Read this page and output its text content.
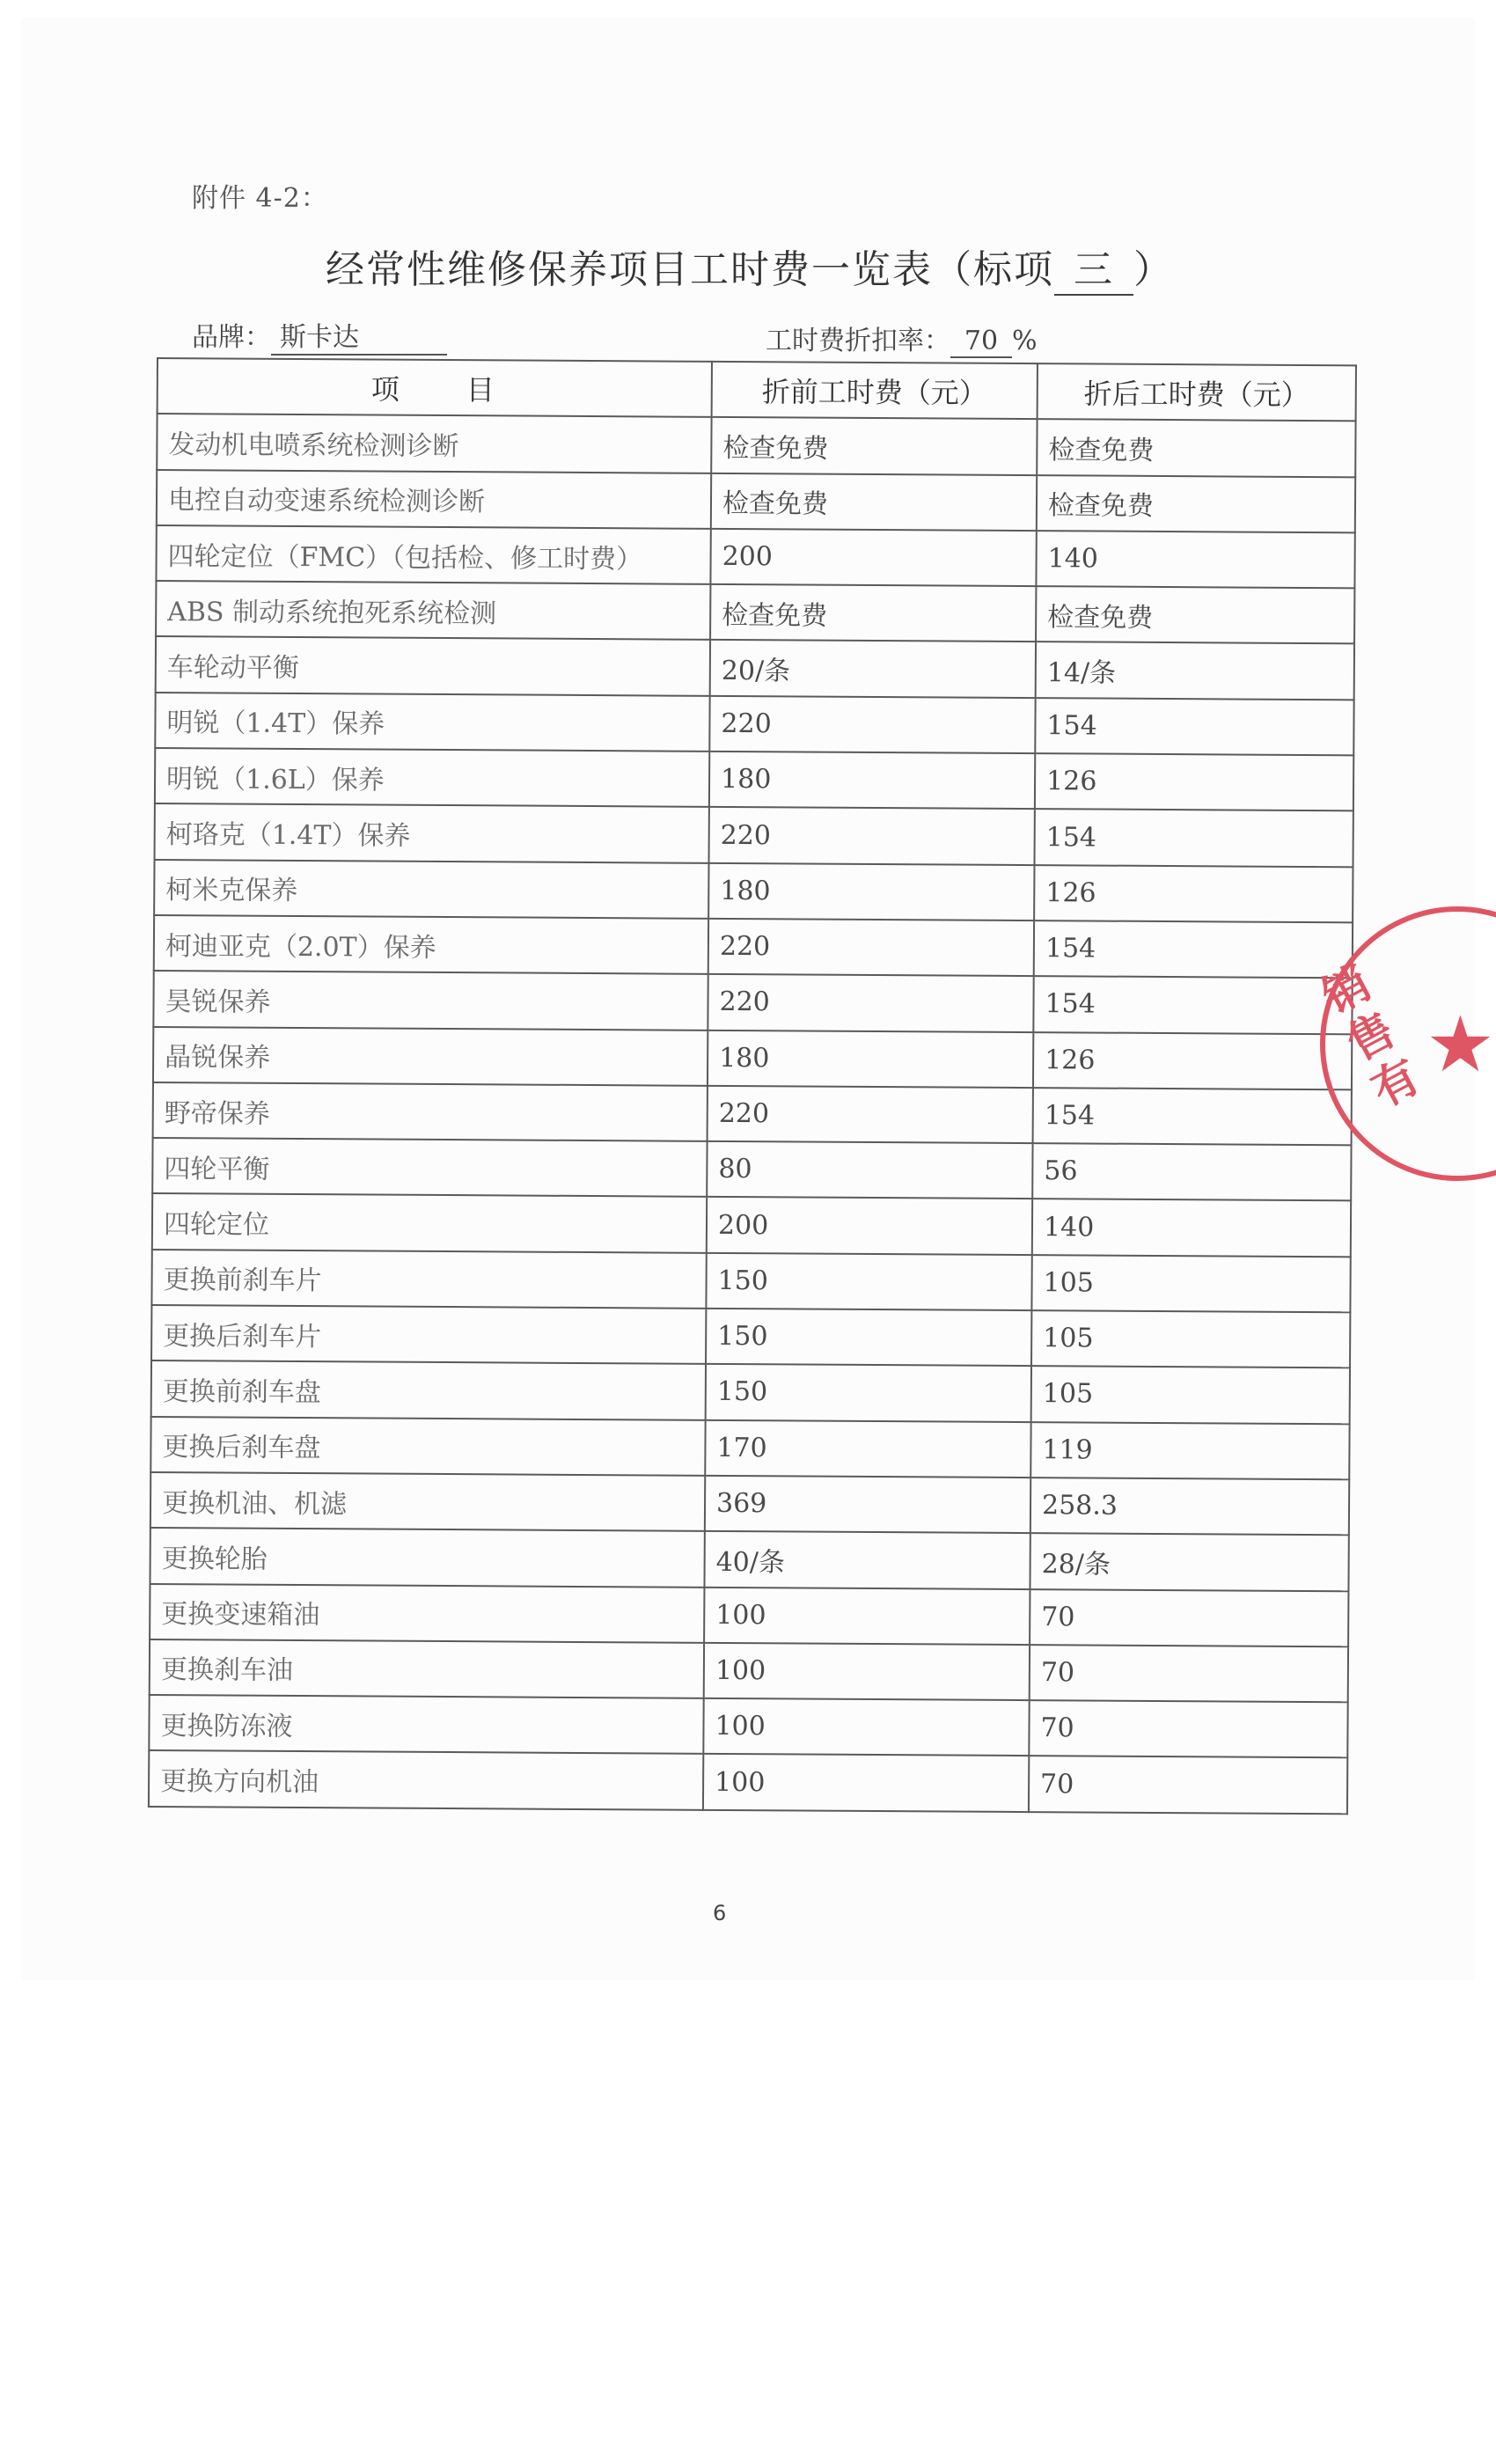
附件 4-2：
经常性维修保养项目工时费一览表（标项 三 ）
品牌： 斯卡达	工时费折扣率： 70 %
项　　目	折前工时费（元）	折后工时费（元）
发动机电喷系统检测诊断	检查免费	检查免费
电控自动变速系统检测诊断	检查免费	检查免费
四轮定位（FMC）（包括检、修工时费）	200	140
ABS 制动系统抱死系统检测	检查免费	检查免费
车轮动平衡	20/条	14/条
明锐（1.4T）保养	220	154
明锐（1.6L）保养	180	126
柯珞克（1.4T）保养	220	154
柯米克保养	180	126
柯迪亚克（2.0T）保养	220	154
昊锐保养	220	154
晶锐保养	180	126
野帝保养	220	154
四轮平衡	80	56
四轮定位	200	140
更换前刹车片	150	105
更换后刹车片	150	105
更换前刹车盘	150	105
更换后刹车盘	170	119
更换机油、机滤	369	258.3
更换轮胎	40/条	28/条
更换变速箱油	100	70
更换刹车油	100	70
更换防冻液	100	70
更换方向机油	100	70
销
售
有
★
6
